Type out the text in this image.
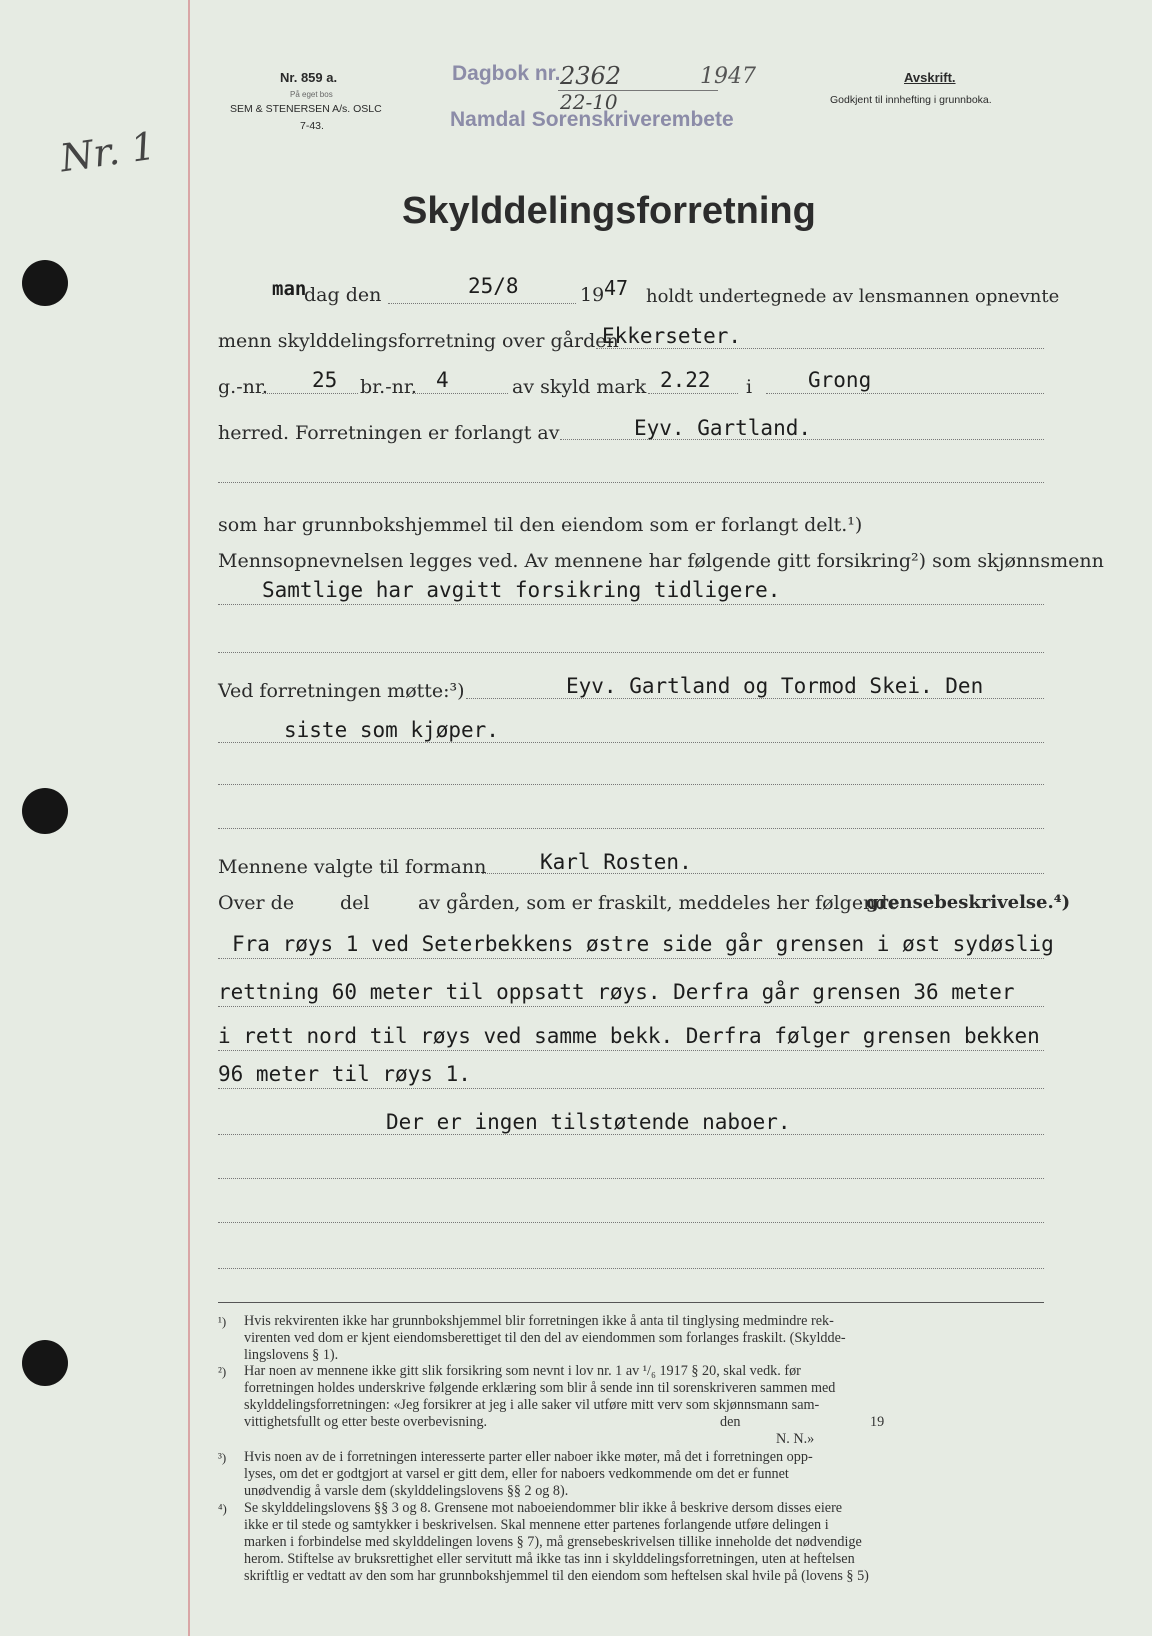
Nr. 859 a.
På eget bos
SEM & STENERSEN A/s. OSLC
7-43.
Dagbok nr. 2362	1947
22-10
Namdal Sorenskriverembete
Avskrift.
Godkjent til innhefting i grunnboka.
Nr. 1
Skylddelingsforretning
man
dag den	25/8	19 47 holdt undertegnede av lensmannen opnevnte
menn skylddelingsforretning over gården
Ekkerseter.
g.-nr. 25 br.-nr. 4	av skyld mark 2.22 i	Grong
herred. Forretningen er forlangt av	Eyv. Gartland.
som har grunnbokshjemmel til den eiendom som er forlangt delt.¹)
Mennsopnevnelsen legges ved. Av mennene har følgende gitt forsikring²) som skjønnsmenn
Samtlige har avgitt forsikring tidligere.
Ved forretningen møtte:³)	Eyv. Gartland og Tormod Skei. Den
siste som kjøper.
Mennene valgte til formann	Karl Rosten.
Over de del	av gården, som er fraskilt, meddeles her følgende
grensebeskrivelse.⁴)
Fra røys 1 ved Seterbekkens østre side går grensen i øst sydøslig
rettning 60 meter til oppsatt røys. Derfra går grensen 36 meter
i rett nord til røys ved samme bekk. Derfra følger grensen bekken
96 meter til røys 1.
Der er ingen tilstøtende naboer.
¹) Hvis rekvirenten ikke har grunnbokshjemmel blir forretningen ikke å anta til tinglysing medmindre rek-
virenten ved dom er kjent eiendomsberettiget til den del av eiendommen som forlanges fraskilt. (Skyldde-
lingslovens § 1).
²) Har noen av mennene ikke gitt slik forsikring som nevnt i lov nr. 1 av ¹/₆ 1917 § 20, skal vedk. før
forretningen holdes underskrive følgende erklæring som blir å sende inn til sorenskriveren sammen med
skylddelingsforretningen: «Jeg forsikrer at jeg i alle saker vil utføre mitt verv som skjønnsmann sam-
vittighetsfullt og etter beste overbevisning.	den	19
N. N.»
³) Hvis noen av de i forretningen interesserte parter eller naboer ikke møter, må det i forretningen opp-
lyses, om det er godtgjort at varsel er gitt dem, eller for naboers vedkommende om det er funnet
unødvendig å varsle dem (skylddelingslovens §§ 2 og 8).
⁴) Se skylddelingslovens §§ 3 og 8. Grensene mot naboeiendommer blir ikke å beskrive dersom disses eiere
ikke er til stede og samtykker i beskrivelsen. Skal mennene etter partenes forlangende utføre delingen i
marken i forbindelse med skylddelingen lovens § 7), må grensebeskrivelsen tillike inneholde det nødvendige
herom. Stiftelse av bruksrettighet eller servitutt må ikke tas inn i skylddelingsforretningen, uten at heftelsen
skriftlig er vedtatt av den som har grunnbokshjemmel til den eiendom som heftelsen skal hvile på (lovens § 5)
